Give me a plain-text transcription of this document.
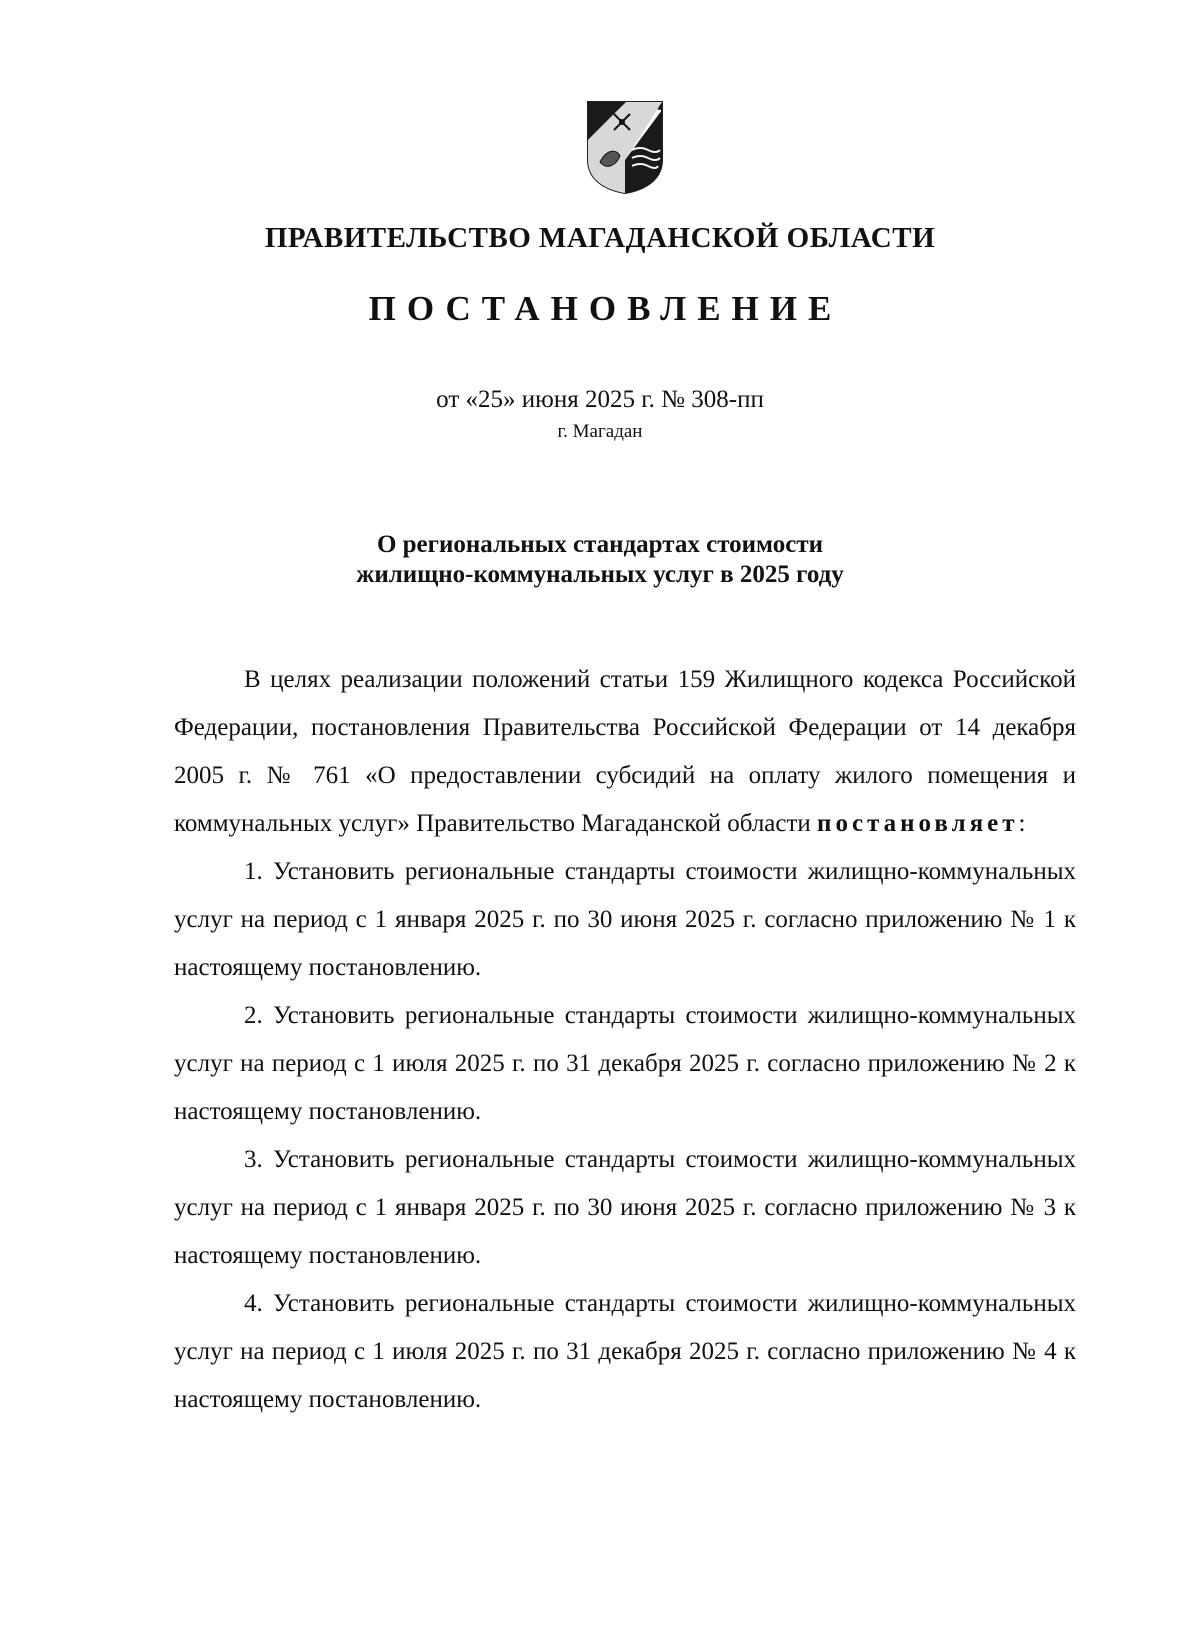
ПРАВИТЕЛЬСТВО МАГАДАНСКОЙ ОБЛАСТИ
ПОСТАНОВЛЕНИЕ
от «25» июня 2025 г. № 308-пп
г. Магадан
О региональных стандартах стоимости
жилищно-коммунальных услуг в 2025 году

В целях реализации положений статьи 159 Жилищного кодекса Российской Федерации, постановления Правительства Российской Федерации от 14 декабря 2005 г. № 761 «О предоставлении субсидий на оплату жилого помещения и коммунальных услуг» Правительство Магаданской области постановляет:

1. Установить региональные стандарты стоимости жилищно-коммунальных услуг на период с 1 января 2025 г. по 30 июня 2025 г. согласно приложению № 1 к настоящему постановлению.

2. Установить региональные стандарты стоимости жилищно-коммунальных услуг на период с 1 июля 2025 г. по 31 декабря 2025 г. согласно приложению № 2 к настоящему постановлению.

3. Установить региональные стандарты стоимости жилищно-коммунальных услуг на период с 1 января 2025 г. по 30 июня 2025 г. согласно приложению № 3 к настоящему постановлению.

4. Установить региональные стандарты стоимости жилищно-коммунальных услуг на период с 1 июля 2025 г. по 31 декабря 2025 г. согласно приложению № 4 к настоящему постановлению.
